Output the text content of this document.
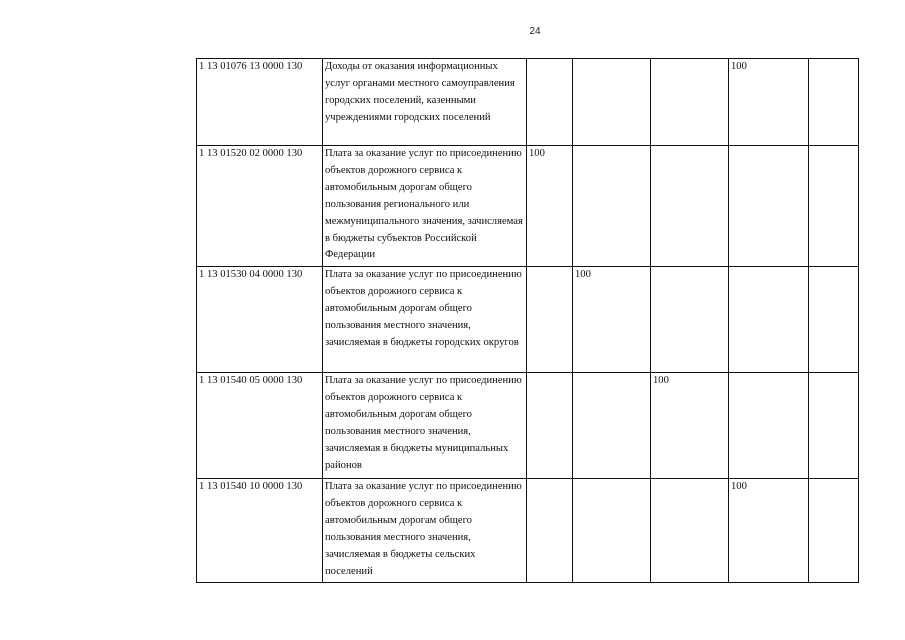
24
1 13 01076 13 0000 130	Доходы от оказания информационных услуг органами местного самоуправления городских поселений, казенными учреждениями городских поселений				100	
1 13 01520 02 0000 130	Плата за оказание услуг по присоединению объектов дорожного сервиса к автомобильным дорогам общего пользования регионального или межмуниципального значения, зачисляемая в бюджеты субъектов Российской Федерации	100				
1 13 01530 04 0000 130	Плата за оказание услуг по присоединению объектов дорожного сервиса к автомобильным дорогам общего пользования местного значения, зачисляемая в бюджеты городских округов		100			
1 13 01540 05 0000 130	Плата за оказание услуг по присоединению объектов дорожного сервиса к автомобильным дорогам общего пользования местного значения, зачисляемая в бюджеты муниципальных районов			100		
1 13 01540 10 0000 130	Плата за оказание услуг по присоединению объектов дорожного сервиса к автомобильным дорогам общего пользования местного значения, зачисляемая в бюджеты сельских поселений				100	
